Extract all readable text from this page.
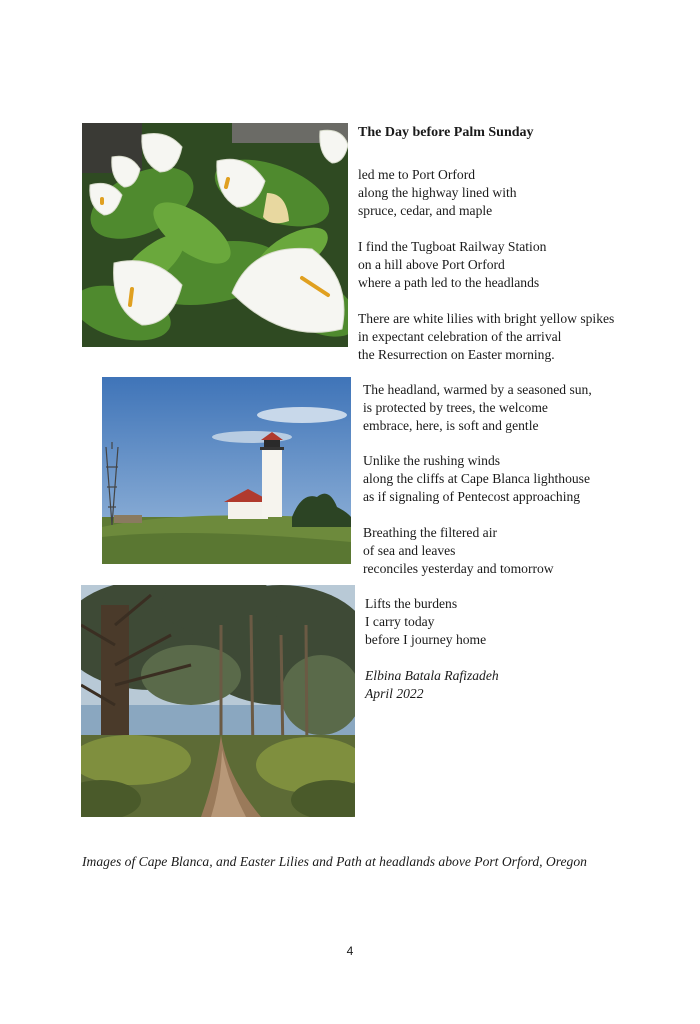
The Day before Palm Sunday

led me to Port Orford
along the highway lined with
spruce, cedar, and maple

I find the Tugboat Railway Station
on a hill above Port Orford
where a path led to the headlands

There are white lilies with bright yellow spikes
in expectant celebration of the arrival
the Resurrection on Easter morning.

The headland, warmed by a seasoned sun,
is protected by trees, the welcome
embrace, here, is soft and gentle

Unlike the rushing winds
along the cliffs at Cape Blanca lighthouse
as if signaling of Pentecost approaching

Breathing the filtered air
of sea and leaves
reconciles yesterday and tomorrow

Lifts the burdens
I carry today
before I journey home

Elbina Batala Rafizadeh
April 2022

Images of Cape Blanca, and Easter Lilies and Path at headlands above Port Orford, Oregon
4
